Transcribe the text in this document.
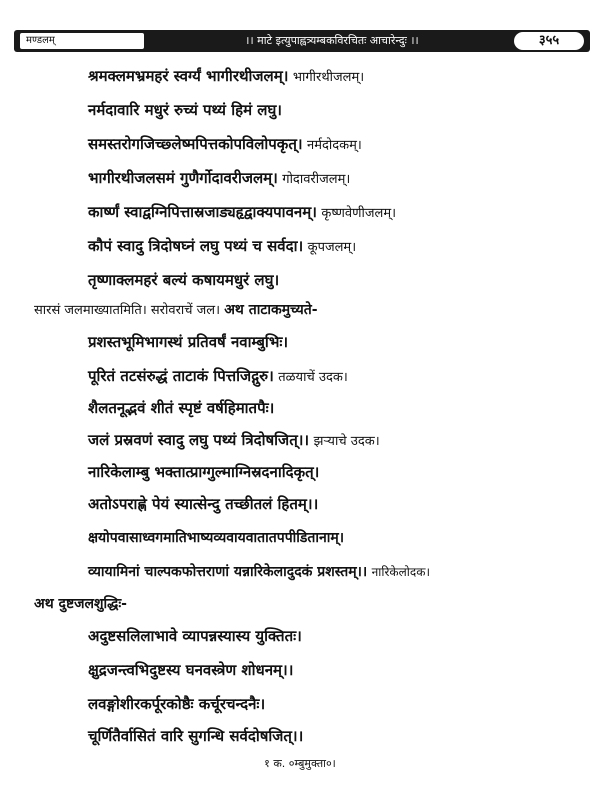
मण्डलम्	।। माटे इत्युपाह्वत्र्यम्बकविरचितः आचारेन्दुः ।।	३५५
श्रमक्लमभ्रमहरं स्वर्ग्यं भागीरथीजलम्। भागीरथीजलम्।
नर्मदावारि मधुरं रुच्यं पथ्यं हिमं लघु।
समस्तरोगजिच्छ्लेष्मपित्तकोपविलोपकृत्। नर्मदोदकम्।
भागीरथीजलसमं गुणैर्गोदावरीजलम्। गोदावरीजलम्।
कार्ष्णं स्वाद्वग्निपित्तास्रजाड्यहृद्वाक्यपावनम्। कृष्णवेणीजलम्।
कौपं स्वादु त्रिदोषघ्नं लघु पथ्यं च सर्वदा। कूपजलम्।
तृष्णाक्लमहरं बल्यं कषायमधुरं लघु।
सारसं जलमाख्यातमिति। सरोवराचें जल। अथ ताटाकमुच्यते-
प्रशस्तभूमिभागस्थं प्रतिवर्षं नवाम्बुभिः।
पूरितं तटसंरुद्धं ताटाकं पित्तजिद्गुरु। तळयाचें उदक।
शैलतनूद्भवं शीतं स्पृष्टं वर्षहिमातपैः।
जलं प्रस्रवणं स्वादु लघु पथ्यं त्रिदोषजित्।। झऱ्याचे उदक।
नारिकेलाम्बु भक्तात्प्राग्गुल्माग्निस्रदनादिकृत्।
अतोऽपराह्णे पेयं स्यात्सेन्दु तच्छीतलं हितम्।।
क्षयोपवासाध्वगमातिभाष्यव्यवायवातातपपीडितानाम्।
व्यायामिनां चाल्पकफोत्तराणां यन्नारिकेलादुदकं प्रशस्तम्।। नारिकेलोदक।
अथ दुष्टजलशुद्धिः-
अदुष्टसलिलाभावे व्यापन्नस्यास्य युक्तितः।
क्षुद्रजन्त्वभिदुष्टस्य घनवस्त्रेण शोधनम्।।
लवङ्गोशीरकर्पूरकोष्ठैः कर्चूरचन्दनैः।
चूर्णितैर्वासितं वारि सुगन्धि सर्वदोषजित्।।
१ क. ०म्बुमुक्ता०।
